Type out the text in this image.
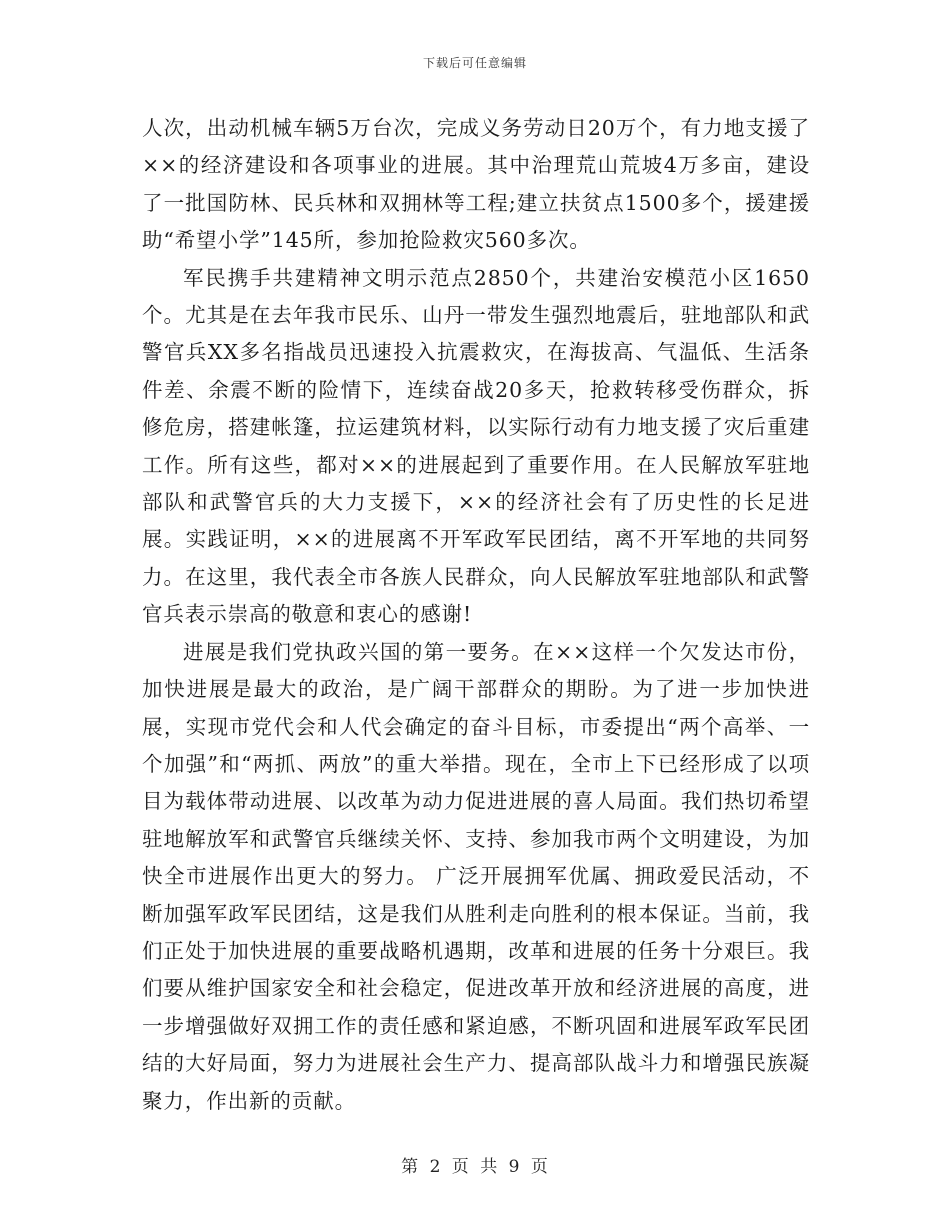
下载后可任意编辑

人次，出动机械车辆5万台次，完成义务劳动日20万个，有力地支援了××的经济建设和各项事业的进展。其中治理荒山荒坡4万多亩，建设了一批国防林、民兵林和双拥林等工程;建立扶贫点1500多个，援建援助“希望小学”145所，参加抢险救灾560多次。

军民携手共建精神文明示范点2850个，共建治安模范小区1650个。尤其是在去年我市民乐、山丹一带发生强烈地震后，驻地部队和武警官兵XX多名指战员迅速投入抗震救灾，在海拔高、气温低、生活条件差、余震不断的险情下，连续奋战20多天，抢救转移受伤群众，拆修危房，搭建帐篷，拉运建筑材料，以实际行动有力地支援了灾后重建工作。所有这些，都对××的进展起到了重要作用。在人民解放军驻地部队和武警官兵的大力支援下，××的经济社会有了历史性的长足进展。实践证明，××的进展离不开军政军民团结，离不开军地的共同努力。在这里，我代表全市各族人民群众，向人民解放军驻地部队和武警官兵表示崇高的敬意和衷心的感谢!

进展是我们党执政兴国的第一要务。在××这样一个欠发达市份，加快进展是最大的政治，是广阔干部群众的期盼。为了进一步加快进展，实现市党代会和人代会确定的奋斗目标，市委提出“两个高举、一个加强”和“两抓、两放”的重大举措。现在，全市上下已经形成了以项目为载体带动进展、以改革为动力促进进展的喜人局面。我们热切希望驻地解放军和武警官兵继续关怀、支持、参加我市两个文明建设，为加快全市进展作出更大的努力。 广泛开展拥军优属、拥政爱民活动，不断加强军政军民团结，这是我们从胜利走向胜利的根本保证。当前，我们正处于加快进展的重要战略机遇期，改革和进展的任务十分艰巨。我们要从维护国家安全和社会稳定，促进改革开放和经济进展的高度，进一步增强做好双拥工作的责任感和紧迫感，不断巩固和进展军政军民团结的大好局面，努力为进展社会生产力、提高部队战斗力和增强民族凝聚力，作出新的贡献。

第 2 页 共 9 页
